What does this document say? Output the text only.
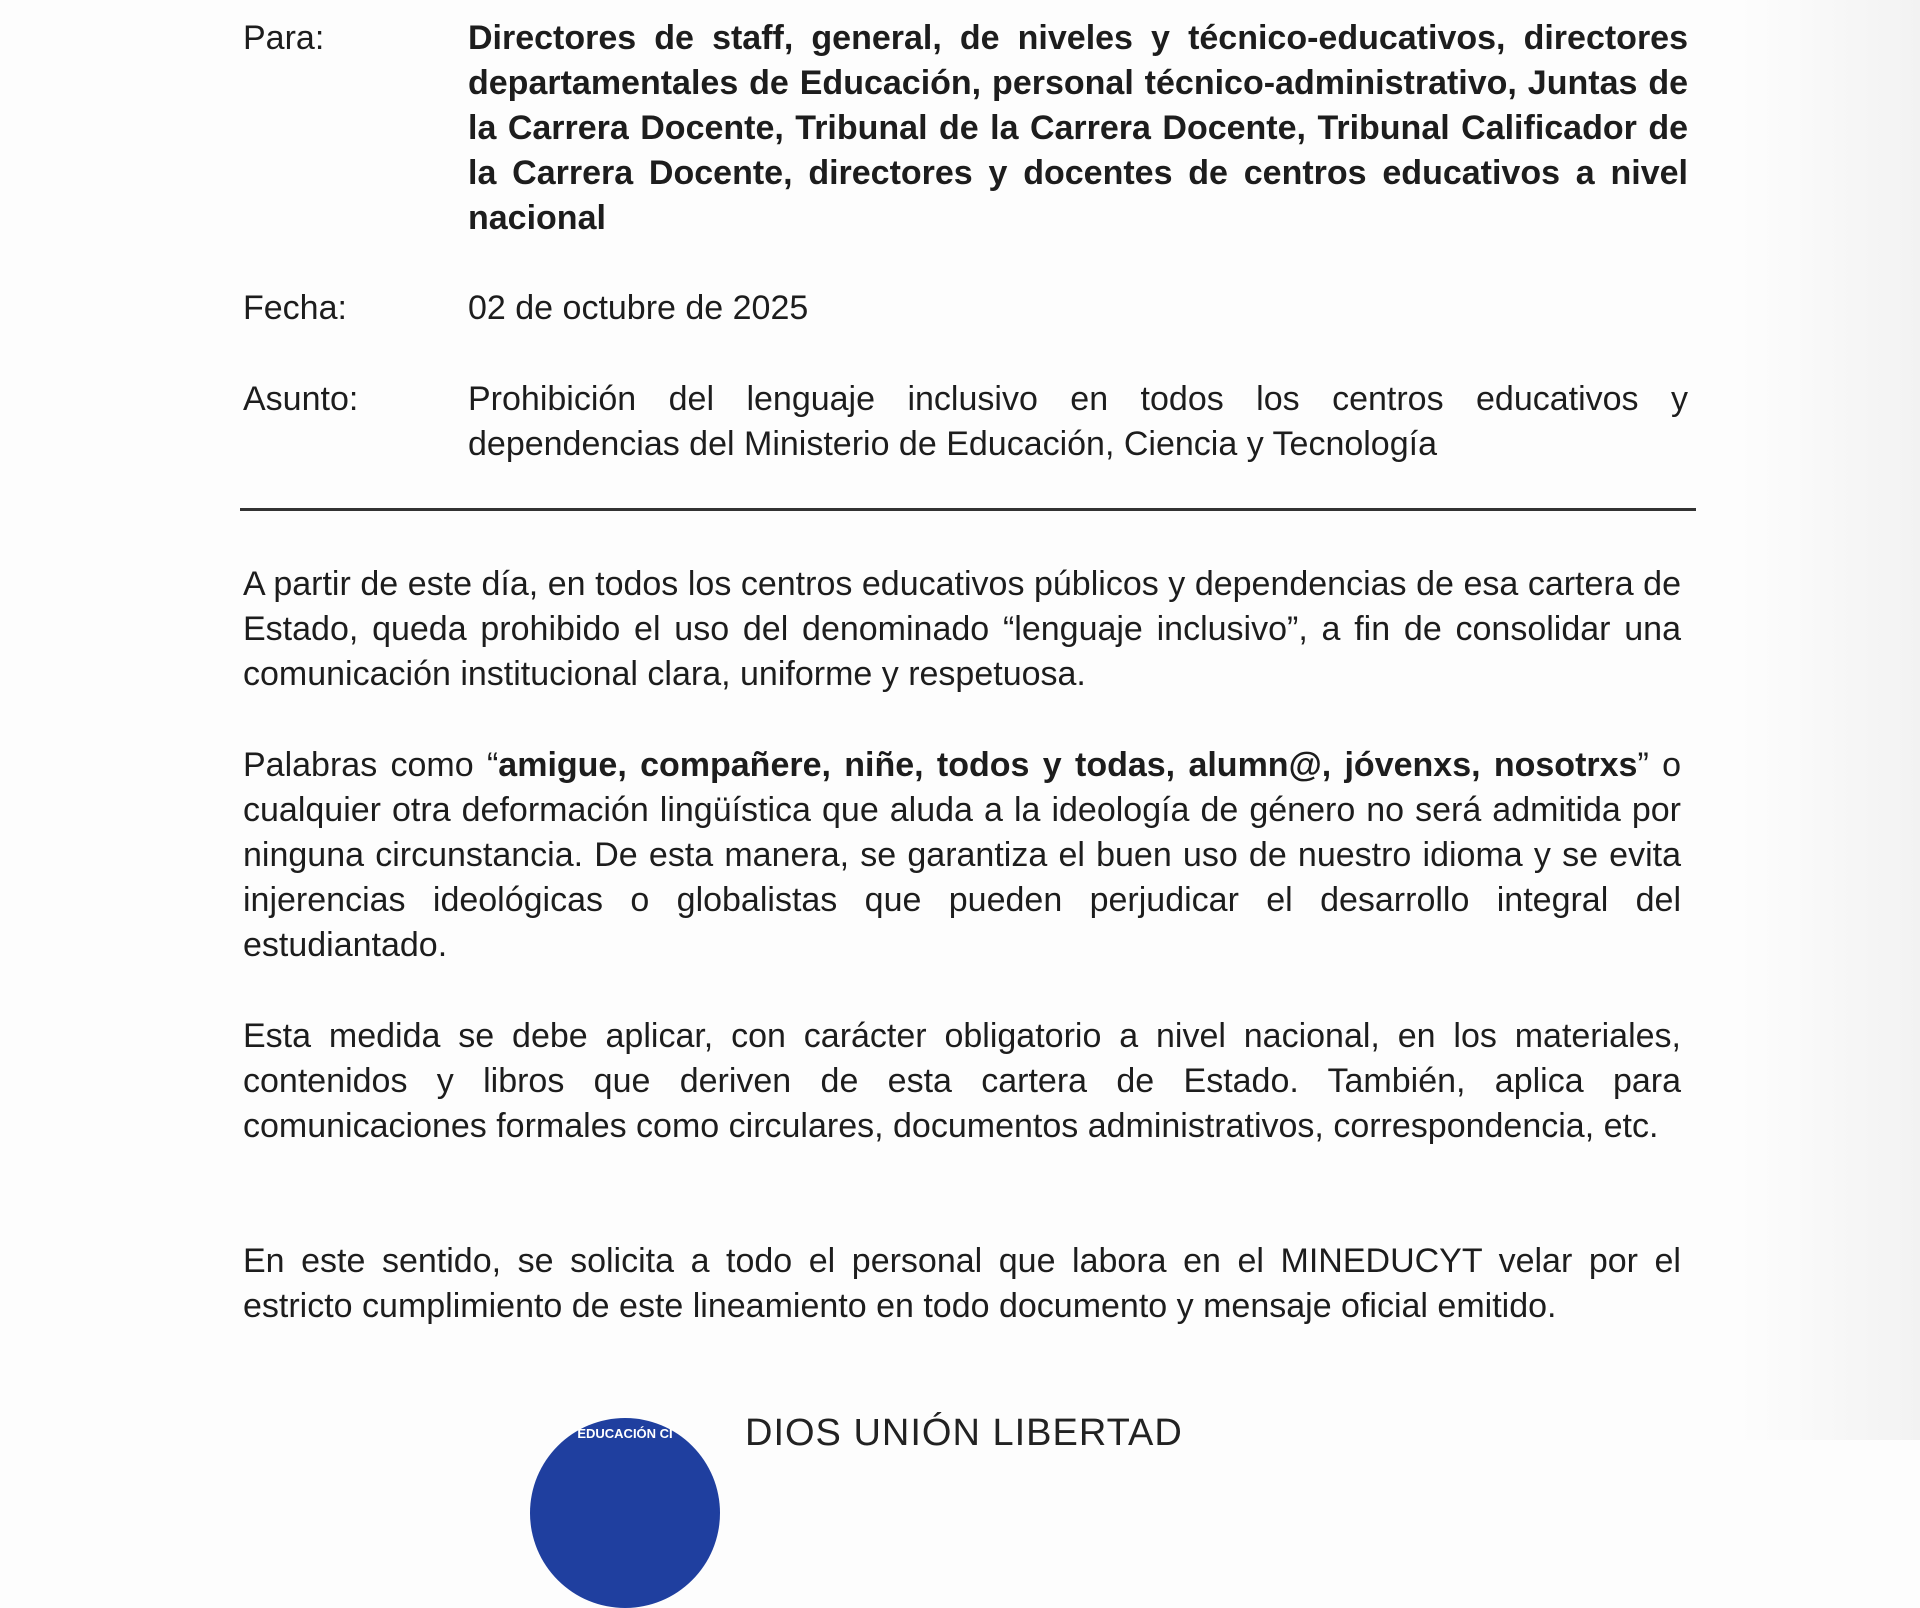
Para:	Directores de staff, general, de niveles y técnico-educativos, directores departamentales de Educación, personal técnico-administrativo, Juntas de la Carrera Docente, Tribunal de la Carrera Docente, Tribunal Calificador de la Carrera Docente, directores y docentes de centros educativos a nivel nacional
Fecha:	02 de octubre de 2025
Asunto:	Prohibición del lenguaje inclusivo en todos los centros educativos y dependencias del Ministerio de Educación, Ciencia y Tecnología

A partir de este día, en todos los centros educativos públicos y dependencias de esa cartera de Estado, queda prohibido el uso del denominado “lenguaje inclusivo”, a fin de consolidar una comunicación institucional clara, uniforme y respetuosa.

Palabras como “amigue, compañere, niñe, todos y todas, alumn@, jóvenxs, nosotrxs” o cualquier otra deformación lingüística que aluda a la ideología de género no será admitida por ninguna circunstancia. De esta manera, se garantiza el buen uso de nuestro idioma y se evita injerencias ideológicas o globalistas que pueden perjudicar el desarrollo integral del estudiantado.

Esta medida se debe aplicar, con carácter obligatorio a nivel nacional, en los materiales, contenidos y libros que deriven de esta cartera de Estado. También, aplica para comunicaciones formales como circulares, documentos administrativos, correspondencia, etc.

En este sentido, se solicita a todo el personal que labora en el MINEDUCYT velar por el estricto cumplimiento de este lineamiento en todo documento y mensaje oficial emitido.

EDUCACIÓN CI	DIOS UNIÓN LIBERTAD
